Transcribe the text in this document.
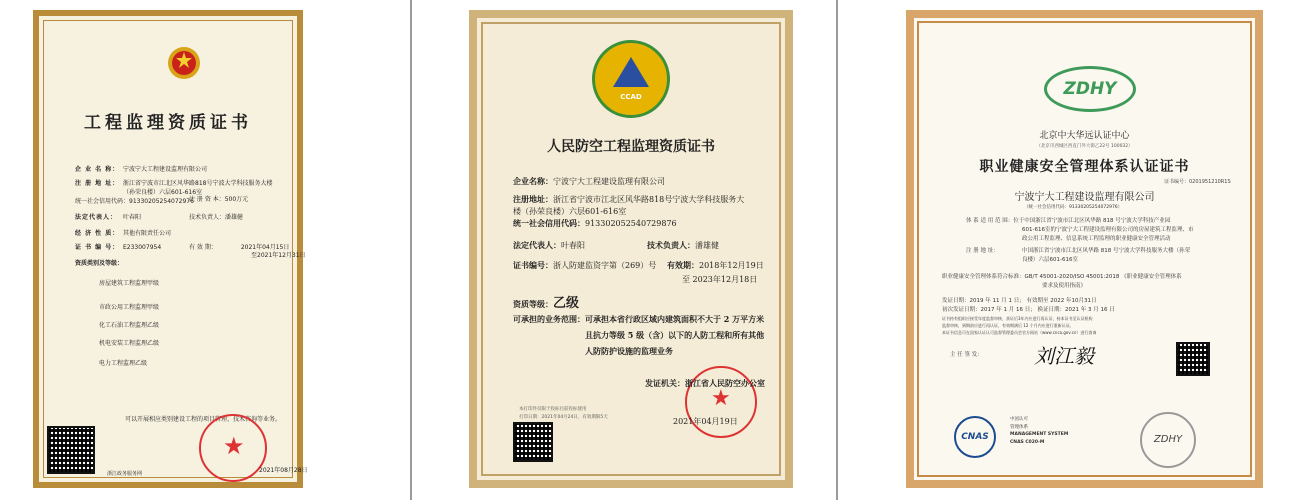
工程监理资质证书
企 业 名 称： 宁波宁大工程建设监理有限公司
注 册 地 址： 浙江省宁波市江北区风华路818号宁波大学科技服务大楼（孙荣良楼）六层601-616室
统一社会信用代码：91330205254072976
法定代表人： 叶春阳
注 册 资 本：500万元
技术负责人：潘雄健
经 济 性 质： 其他有限责任公司
证 书 编 号： E233007954	有 效 期：	2021年04月15日
至2021年12月31日
资质类别及等级：
房屋建筑工程监理甲级
市政公用工程监理甲级
化工石油工程监理乙级
机电安装工程监理乙级
电力工程监理乙级
可以开展相应类别建设工程的项目管理、技术咨询等业务。
★
浙江政务服务网	2021年08月28日
CCAD
人民防空工程监理资质证书
企业名称：宁波宁大工程建设监理有限公司
注册地址：浙江省宁波市江北区风华路818号宁波大学科技服务大
楼（孙荣良楼）六层601-616室
统一社会信用代码：913302052540729876
法定代表人：叶春阳	技术负责人：潘雄健
证书编号：浙人防建监资字第（269）号 有效期：2018年12月19日
至 2023年12月18日
资质等级：乙级
可承担的业务范围：可承担本省行政区域内建筑面积不大于 2 万平方米
且抗力等级 5 级（含）以下的人防工程和所有其他
人防防护设施的监理业务
★
发证机关：浙江省人民防空办公室
本打印件仅限于投标目前投标使用
打印日期：2021年04月24日，有效期限5天	2021年04月19日
ZDHY
北京中大华远认证中心
（北京市西城区西直门外大街乙22号 100032）
职业健康安全管理体系认证证书
证书编号：0201951210R1S
宁波宁大工程建设监理有限公司
（统一社会信用代码：9133020525407297​6）
体 系 适 用 范 围：位于中国浙江省宁波市江北区风华路 818 号宁波大学科技产业园
601-616室的宁波宁大工程建设监理有限公司的房屋建筑工程监理、市
政公用工程监理、信息系统工程监理的职业健康安全管理活动
注 册 地 址：	中国浙江省宁波市江北区风华路 818 号宁波大学科技服务大楼（孙荣
良楼）六层601-616室
职业健康安全管理体系符合标准：GB/T 45001-2020/ISO 45001:2018 《职业健康安全管理体系
要求及使用指南》
发证日期：2019 年 11 月 1 日； 有效期至 2022 年10月31日
初次发证日期：2017 年 1 月 16 日； 换证日期：2021 年 3 月 16 日
证书持有组织应接受年度监督审核，获证后3年内应进行再认证，持本证书至认证机构
监督审核，到期前应进行再认证，有效期满后 12 个月内应进行重新认证。
本证书信息可在国家认证认可监督管理委员会官方网站（www.cnca.gov.cn）进行查询
主 任 签 发：	刘江毅
CNAS
中国认可
管理体系
MANAGEMENT SYSTEM
CNAS C020-M	ZDHY
